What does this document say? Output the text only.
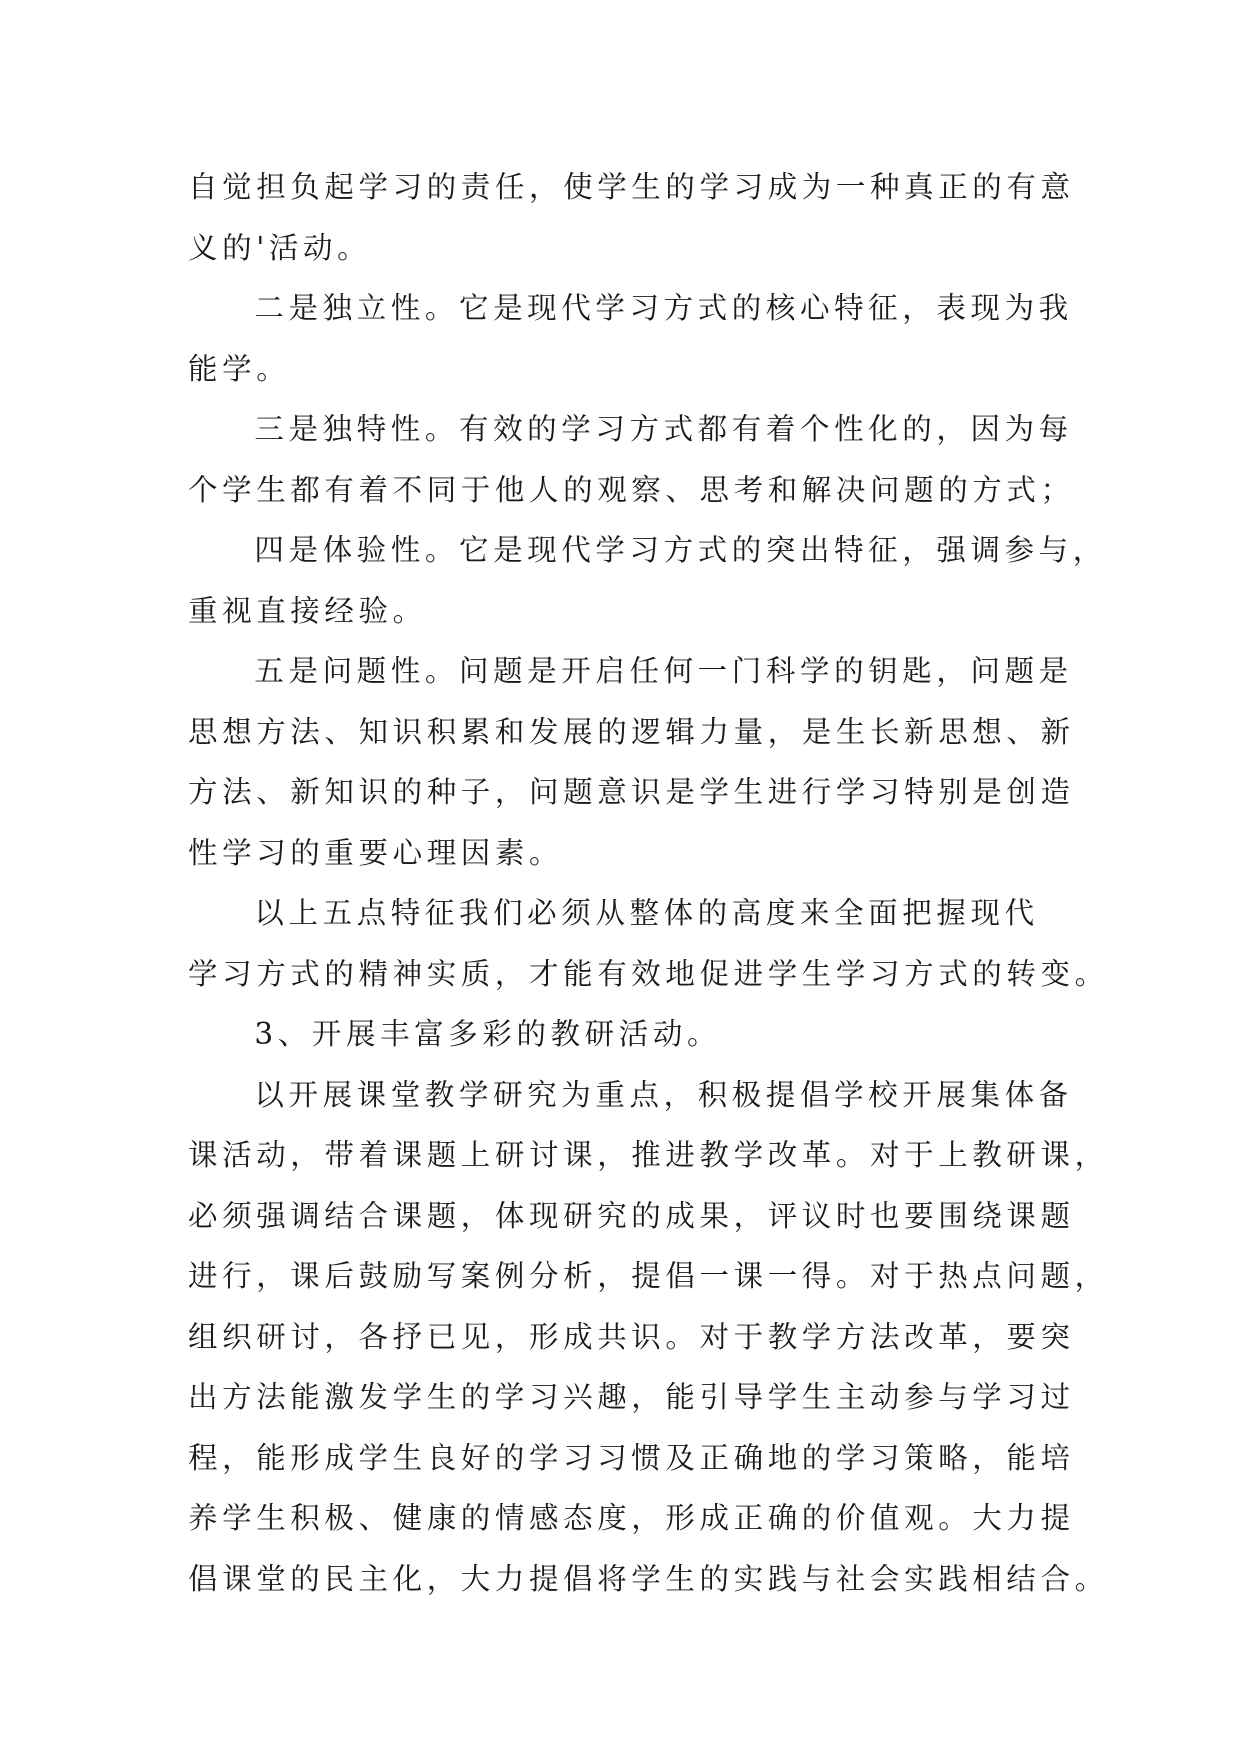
自觉担负起学习的责任，使学生的学习成为一种真正的有意
义的'活动。

二是独立性。它是现代学习方式的核心特征，表现为我
能学。

三是独特性。有效的学习方式都有着个性化的，因为每
个学生都有着不同于他人的观察、思考和解决问题的方式；

四是体验性。它是现代学习方式的突出特征，强调参与，
重视直接经验。

五是问题性。问题是开启任何一门科学的钥匙，问题是
思想方法、知识积累和发展的逻辑力量，是生长新思想、新
方法、新知识的种子，问题意识是学生进行学习特别是创造
性学习的重要心理因素。

以上五点特征我们必须从整体的高度来全面把握现代
学习方式的精神实质，才能有效地促进学生学习方式的转变。

3、开展丰富多彩的教研活动。

以开展课堂教学研究为重点，积极提倡学校开展集体备
课活动，带着课题上研讨课，推进教学改革。对于上教研课，
必须强调结合课题，体现研究的成果，评议时也要围绕课题
进行，课后鼓励写案例分析，提倡一课一得。对于热点问题，
组织研讨，各抒已见，形成共识。对于教学方法改革，要突
出方法能激发学生的学习兴趣，能引导学生主动参与学习过
程，能形成学生良好的学习习惯及正确地的学习策略，能培
养学生积极、健康的情感态度，形成正确的价值观。大力提
倡课堂的民主化，大力提倡将学生的实践与社会实践相结合。
